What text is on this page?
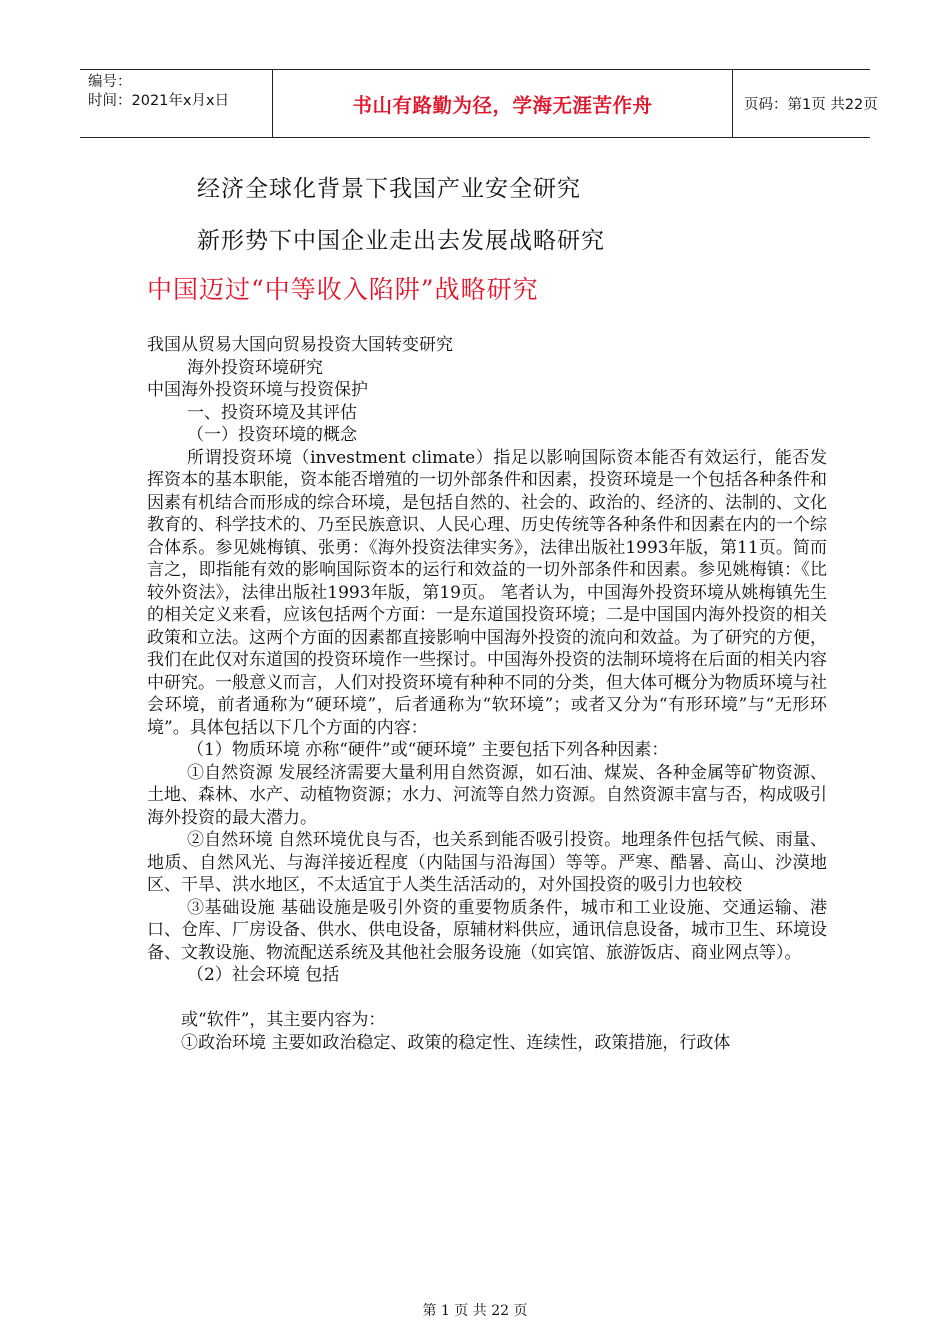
编号：
时间：2021年x月x日	书山有路勤为径，学海无涯苦作舟	页码：第1页 共22页
经济全球化背景下我国产业安全研究
新形势下中国企业走出去发展战略研究
中国迈过“中等收入陷阱”战略研究

我国从贸易大国向贸易投资大国转变研究

海外投资环境研究

中国海外投资环境与投资保护

一、投资环境及其评估

（一）投资环境的概念

所谓投资环境（investment climate）指足以影响国际资本能否有效运行，能否发挥资本的基本职能，资本能否增殖的一切外部条件和因素，投资环境是一个包括各种条件和因素有机结合而形成的综合环境，是包括自然的、社会的、政治的、经济的、法制的、文化教育的、科学技术的、乃至民族意识、人民心理、历史传统等各种条件和因素在内的一个综合体系。参见姚梅镇、张勇：《海外投资法律实务》，法律出版社1993年版，第11页。简而言之，即指能有效的影响国际资本的运行和效益的一切外部条件和因素。参见姚梅镇：《比较外资法》，法律出版社1993年版，第19页。 笔者认为，中国海外投资环境从姚梅镇先生的相关定义来看，应该包括两个方面：一是东道国投资环境；二是中国国内海外投资的相关政策和立法。这两个方面的因素都直接影响中国海外投资的流向和效益。为了研究的方便，我们在此仅对东道国的投资环境作一些探讨。中国海外投资的法制环境将在后面的相关内容中研究。一般意义而言，人们对投资环境有种种不同的分类，但大体可概分为物质环境与社会环境，前者通称为“硬环境”，后者通称为“软环境”；或者又分为“有形环境”与“无形环境”。具体包括以下几个方面的内容：

（1）物质环境 亦称“硬件”或“硬环境” 主要包括下列各种因素：

①自然资源 发展经济需要大量利用自然资源，如石油、煤炭、各种金属等矿物资源、土地、森林、水产、动植物资源；水力、河流等自然力资源。自然资源丰富与否，构成吸引海外投资的最大潜力。

②自然环境 自然环境优良与否，也关系到能否吸引投资。地理条件包括气候、雨量、地质、自然风光、与海洋接近程度（内陆国与沿海国）等等。严寒、酷暑、高山、沙漠地区、干旱、洪水地区，不太适宜于人类生活活动的，对外国投资的吸引力也较校

③基础设施 基础设施是吸引外资的重要物质条件，城市和工业设施、交通运输、港口、仓库、厂房设备、供水、供电设备，原辅材料供应，通讯信息设备，城市卫生、环境设备、文教设施、物流配送系统及其他社会服务设施（如宾馆、旅游饭店、商业网点等）。

（2）社会环境 包括

或“软件”，其主要内容为：

①政治环境 主要如政治稳定、政策的稳定性、连续性，政策措施，行政体

第 1 页 共 22 页
